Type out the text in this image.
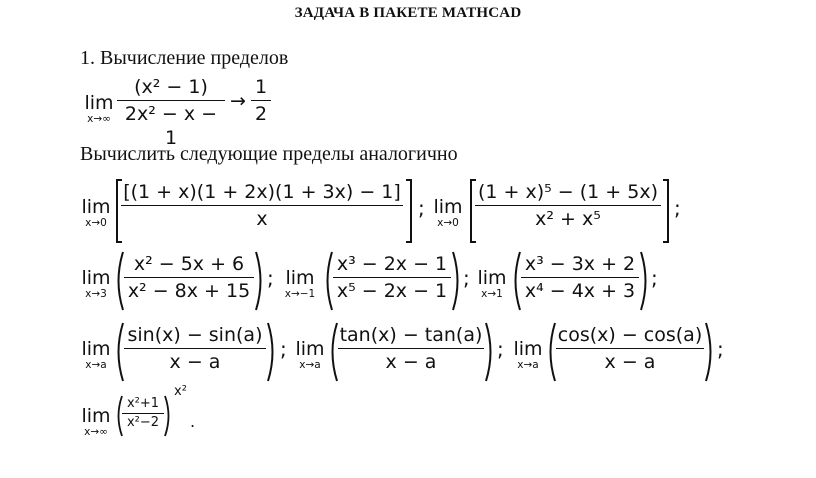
ЗАДАЧА В ПАКЕТЕ MATHCAD
1. Вычисление пределов
lim
x→∞
(x² − 1)
2x² − x − 1
→
1
2
Вычислить следующие пределы аналогично
lim
x→0
[(1 + x)(1 + 2x)(1 + 3x) − 1]
x	; lim
x→0
(1 + x)⁵ − (1 + 5x)
x² + x⁵	;
lim
x→3
x² − 5x + 6
x² − 8x + 15
; lim
x→−1
x³ − 2x − 1
x⁵ − 2x − 1
; lim
x→1
x³ − 3x + 2
x⁴ − 4x + 3
;
lim
x→a
sin(x) − sin(a)
x − a
; lim
x→a
tan(x) − tan(a)
x − a
; lim
x→a
cos(x) − cos(a)
x − a
;
lim
x→∞
x²+1
x²−2
x²
.
